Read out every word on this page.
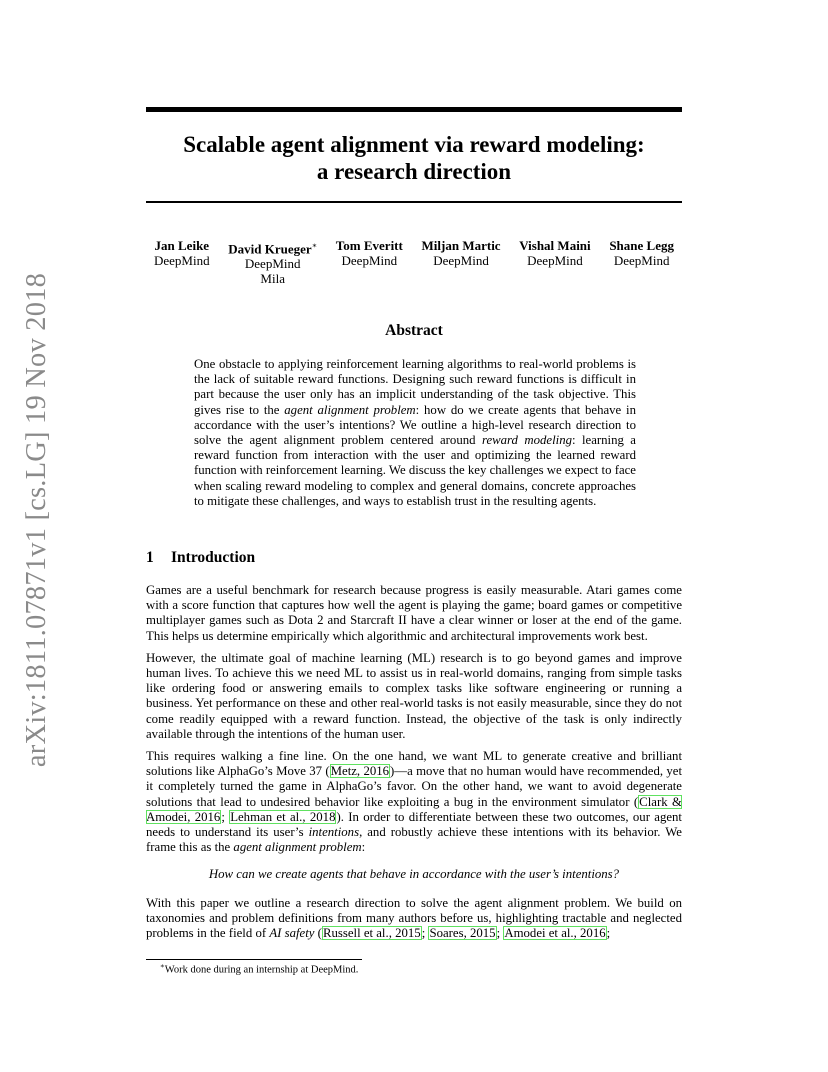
arXiv:1811.07871v1 [cs.LG] 19 Nov 2018
Scalable agent alignment via reward modeling:
a research direction
Jan Leike
DeepMind
David Krueger∗
DeepMind
Mila
Tom Everitt
DeepMind
Miljan Martic
DeepMind
Vishal Maini
DeepMind
Shane Legg
DeepMind
Abstract
One obstacle to applying reinforcement learning algorithms to real-world problems is the lack of suitable reward functions. Designing such reward functions is difficult in part because the user only has an implicit understanding of the task objective. This gives rise to the agent alignment problem: how do we create agents that behave in accordance with the user’s intentions? We outline a high-level research direction to solve the agent alignment problem centered around reward modeling: learning a reward function from interaction with the user and optimizing the learned reward function with reinforcement learning. We discuss the key challenges we expect to face when scaling reward modeling to complex and general domains, concrete approaches to mitigate these challenges, and ways to establish trust in the resulting agents.
1 Introduction

Games are a useful benchmark for research because progress is easily measurable. Atari games come with a score function that captures how well the agent is playing the game; board games or competitive multiplayer games such as Dota 2 and Starcraft II have a clear winner or loser at the end of the game. This helps us determine empirically which algorithmic and architectural improvements work best.

However, the ultimate goal of machine learning (ML) research is to go beyond games and improve human lives. To achieve this we need ML to assist us in real-world domains, ranging from simple tasks like ordering food or answering emails to complex tasks like software engineering or running a business. Yet performance on these and other real-world tasks is not easily measurable, since they do not come readily equipped with a reward function. Instead, the objective of the task is only indirectly available through the intentions of the human user.

This requires walking a fine line. On the one hand, we want ML to generate creative and brilliant solutions like AlphaGo’s Move 37 (Metz, 2016)—a move that no human would have recommended, yet it completely turned the game in AlphaGo’s favor. On the other hand, we want to avoid degenerate solutions that lead to undesired behavior like exploiting a bug in the environment simulator (Clark & Amodei, 2016; Lehman et al., 2018). In order to differentiate between these two outcomes, our agent needs to understand its user’s intentions, and robustly achieve these intentions with its behavior. We frame this as the agent alignment problem:

How can we create agents that behave in accordance with the user’s intentions?

With this paper we outline a research direction to solve the agent alignment problem. We build on taxonomies and problem definitions from many authors before us, highlighting tractable and neglected problems in the field of AI safety (Russell et al., 2015; Soares, 2015; Amodei et al., 2016;

∗Work done during an internship at DeepMind.
